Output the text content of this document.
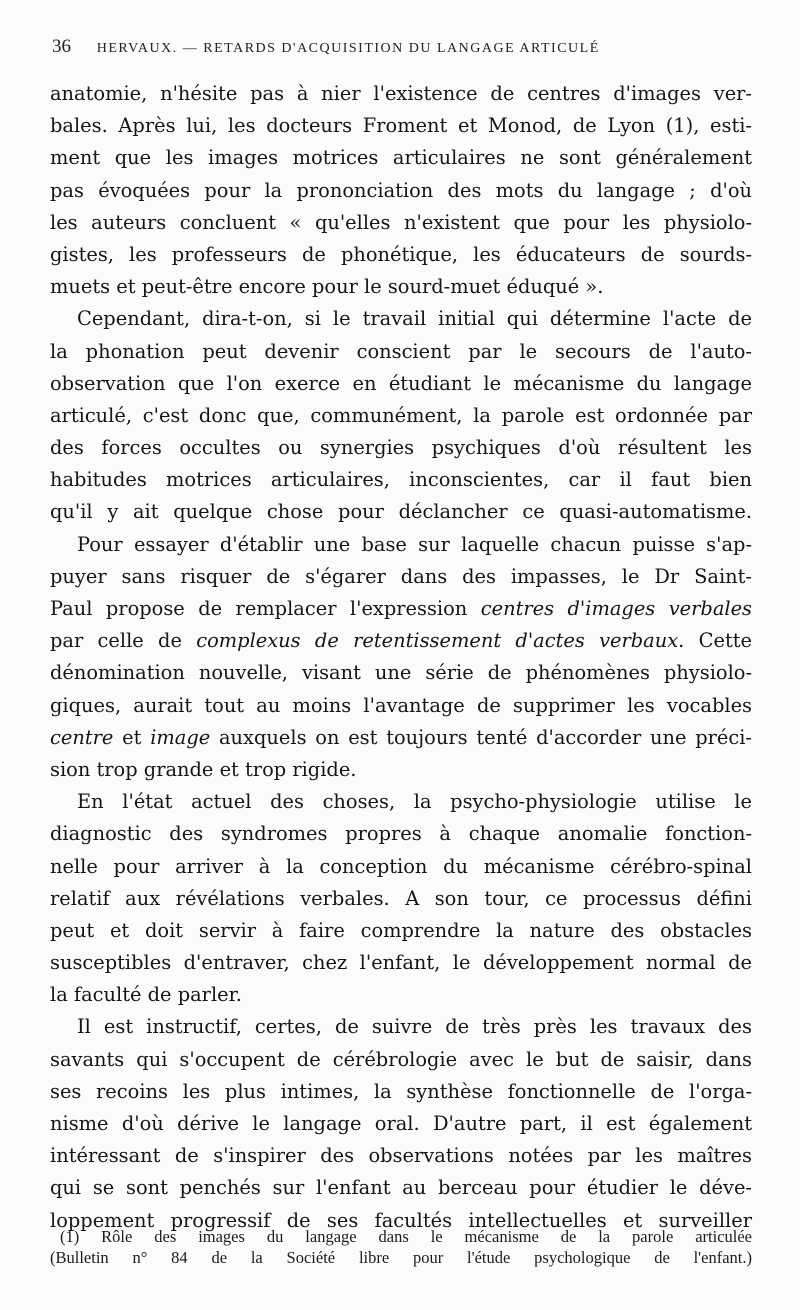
36 HERVAUX. — RETARDS D'ACQUISITION DU LANGAGE ARTICULÉ

anatomie, n'hésite pas à nier l'existence de centres d'images ver-
bales. Après lui, les docteurs Froment et Monod, de Lyon (1), esti-
ment que les images motrices articulaires ne sont généralement
pas évoquées pour la prononciation des mots du langage ; d'où
les auteurs concluent « qu'elles n'existent que pour les physiolo-
gistes, les professeurs de phonétique, les éducateurs de sourds-
muets et peut-être encore pour le sourd-muet éduqué ».

Cependant, dira-t-on, si le travail initial qui détermine l'acte de
la phonation peut devenir conscient par le secours de l'auto-
observation que l'on exerce en étudiant le mécanisme du langage
articulé, c'est donc que, communément, la parole est ordonnée par
des forces occultes ou synergies psychiques d'où résultent les
habitudes motrices articulaires, inconscientes, car il faut bien
qu'il y ait quelque chose pour déclancher ce quasi-automatisme.

Pour essayer d'établir une base sur laquelle chacun puisse s'ap-
puyer sans risquer de s'égarer dans des impasses, le Dr Saint-
Paul propose de remplacer l'expression centres d'images verbales
par celle de complexus de retentissement d'actes verbaux. Cette
dénomination nouvelle, visant une série de phénomènes physiolo-
giques, aurait tout au moins l'avantage de supprimer les vocables
centre et image auxquels on est toujours tenté d'accorder une préci-
sion trop grande et trop rigide.

En l'état actuel des choses, la psycho-physiologie utilise le
diagnostic des syndromes propres à chaque anomalie fonction-
nelle pour arriver à la conception du mécanisme cérébro-spinal
relatif aux révélations verbales. A son tour, ce processus défini
peut et doit servir à faire comprendre la nature des obstacles
susceptibles d'entraver, chez l'enfant, le développement normal de
la faculté de parler.

Il est instructif, certes, de suivre de très près les travaux des
savants qui s'occupent de cérébrologie avec le but de saisir, dans
ses recoins les plus intimes, la synthèse fonctionnelle de l'orga-
nisme d'où dérive le langage oral. D'autre part, il est également
intéressant de s'inspirer des observations notées par les maîtres
qui se sont penchés sur l'enfant au berceau pour étudier le déve-
loppement progressif de ses facultés intellectuelles et surveiller

(1) Rôle des images du langage dans le mécanisme de la parole articulée
(Bulletin n° 84 de la Société libre pour l'étude psychologique de l'enfant.)
